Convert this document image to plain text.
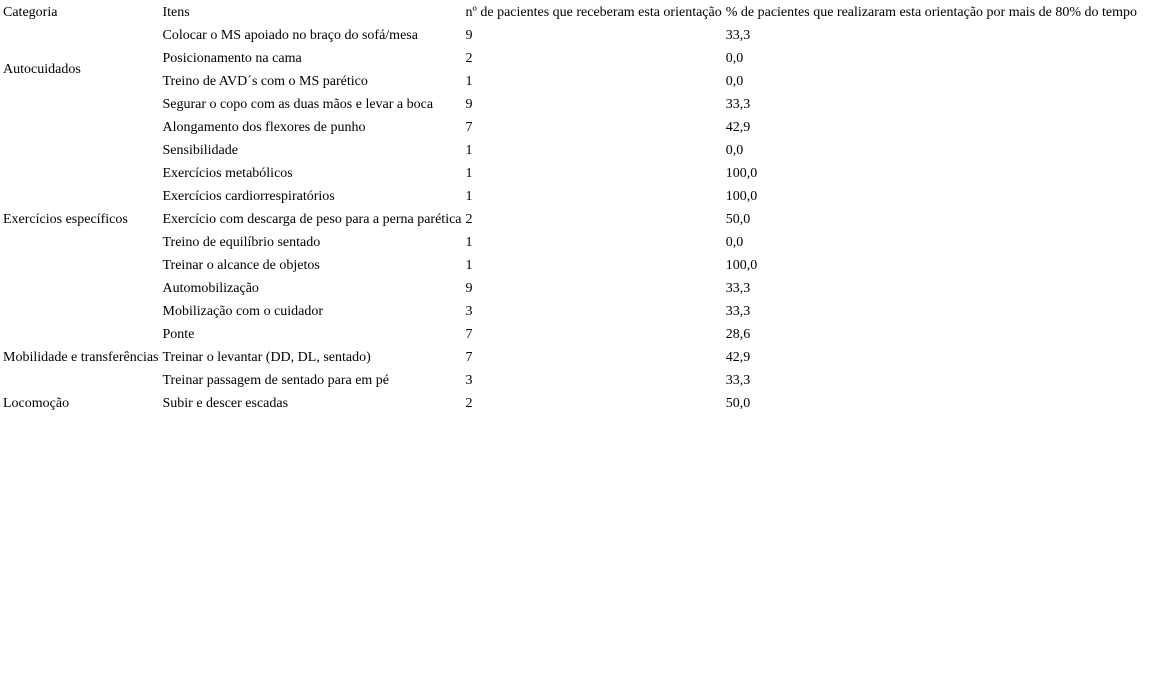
Categoria	Itens	nº de pacientes que receberam esta orientação	% de pacientes que realizaram esta orientação por mais de 80% do tempo
Autocuidados	Colocar o MS apoiado no braço do sofá/mesa	9	33,3
	Posicionamento na cama	2	0,0
	Treino de AVD´s com o MS parético	1	0,0
	Segurar o copo com as duas mãos e levar a boca	9	33,3
Exercícios específicos	Alongamento dos flexores de punho	7	42,9
	Sensibilidade	1	0,0
	Exercícios metabólicos	1	100,0
	Exercícios cardiorrespiratórios	1	100,0
	Exercício com descarga de peso para a perna parética	2	50,0
	Treino de equilíbrio sentado	1	0,0
	Treinar o alcance de objetos	1	100,0
	Automobilização	9	33,3
	Mobilização com o cuidador	3	33,3
Mobilidade e transferências	Ponte	7	28,6
	Treinar o levantar (DD, DL, sentado)	7	42,9
	Treinar passagem de sentado para em pé	3	33,3
Locomoção	Subir e descer escadas	2	50,0
